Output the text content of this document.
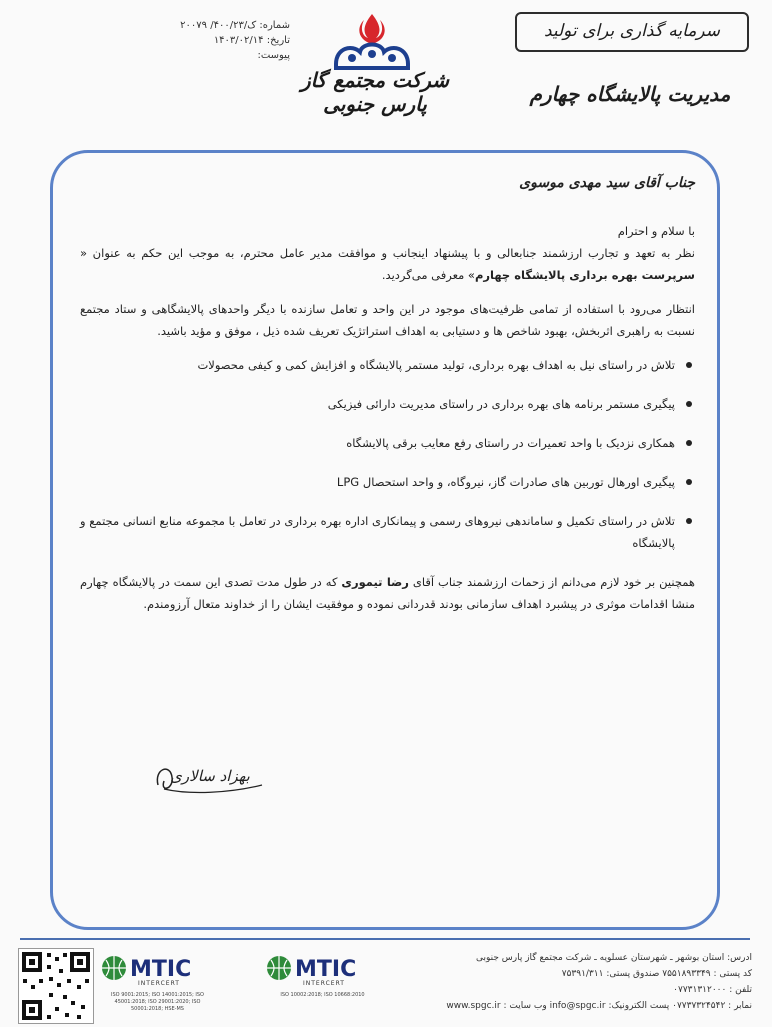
شماره: ک/۴۰۰/۲۳/ ۲۰۰۷۹
تاریخ: ۱۴۰۳/۰۲/۱۴
پیوست:
شرکت مجتمع گاز پارس جنوبی
سرمایه گذاری برای تولید
مدیریت پالایشگاه چهارم
جناب آقای سید مهدی موسوی
با سلام و احترام

نظر به تعهد و تجارب ارزشمند جنابعالی و با پیشنهاد اینجانب و موافقت مدیر عامل محترم، به موجب این حکم به عنوان « سرپرست بهره برداری پالایشگاه چهارم» معرفی می‌گردید.

انتظار می‌رود با استفاده از تمامی ظرفیت‌های موجود در این واحد و تعامل سازنده با دیگر واحدهای پالایشگاهی و ستاد مجتمع نسبت به راهبری اثربخش، بهبود شاخص ها و دستیابی به اهداف استراتژیک تعریف شده ذیل ، موفق و مؤید باشید.

تلاش در راستای نیل به اهداف بهره برداری، تولید مستمر پالایشگاه و افزایش کمی و کیفی محصولات
پیگیری مستمر برنامه های بهره برداری در راستای مدیریت دارائی فیزیکی
همکاری نزدیک با واحد تعمیرات در راستای رفع معایب برقی پالایشگاه
پیگیری اورهال توربین های صادرات گاز، نیروگاه، و واحد استحصال LPG
تلاش در راستای تکمیل و ساماندهی نیروهای رسمی و پیمانکاری اداره بهره برداری در تعامل با مجموعه منابع انسانی مجتمع و پالایشگاه

همچنین بر خود لازم می‌دانم از زحمات ارزشمند جناب آقای رضا تیموری که در طول مدت تصدی این سمت در پالایشگاه چهارم منشا اقدامات موثری در پیشبرد اهداف سازمانی بودند قدردانی نموده و موفقیت ایشان را از خداوند متعال آرزومندم.

بهزاد سالاری
MTIC
INTERCERT
ISO 9001:2015; ISO 14001:2015; ISO 45001:2018; ISO 29001:2020; ISO 50001:2018; HSE-MS
MTIC
INTERCERT
ISO 10002:2018; ISO 10668:2010
ادرس: استان بوشهر ـ شهرستان عسلویه ـ شرکت مجتمع گاز پارس جنوبی
کد پستی : ۷۵۵۱۸۹۳۳۴۹ صندوق پستی: ۷۵۳۹۱/۳۱۱
تلفن : ۰۷۷۳۱۳۱۲۰۰۰
نمابر : ۰۷۷۳۷۳۲۴۵۴۲ پست الکترونیک: info@spgc.ir وب سایت : www.spgc.ir
